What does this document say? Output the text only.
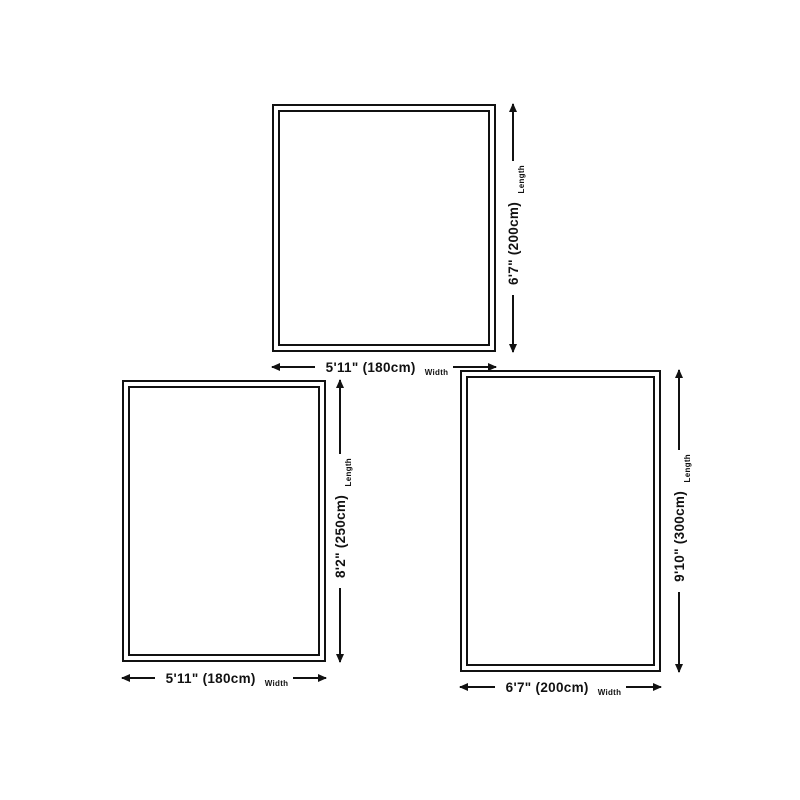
Length
6'7" (200cm)
5'11" (180cm) Width
Length
8'2" (250cm)
5'11" (180cm) Width
Length
9'10" (300cm)
6'7" (200cm) Width
